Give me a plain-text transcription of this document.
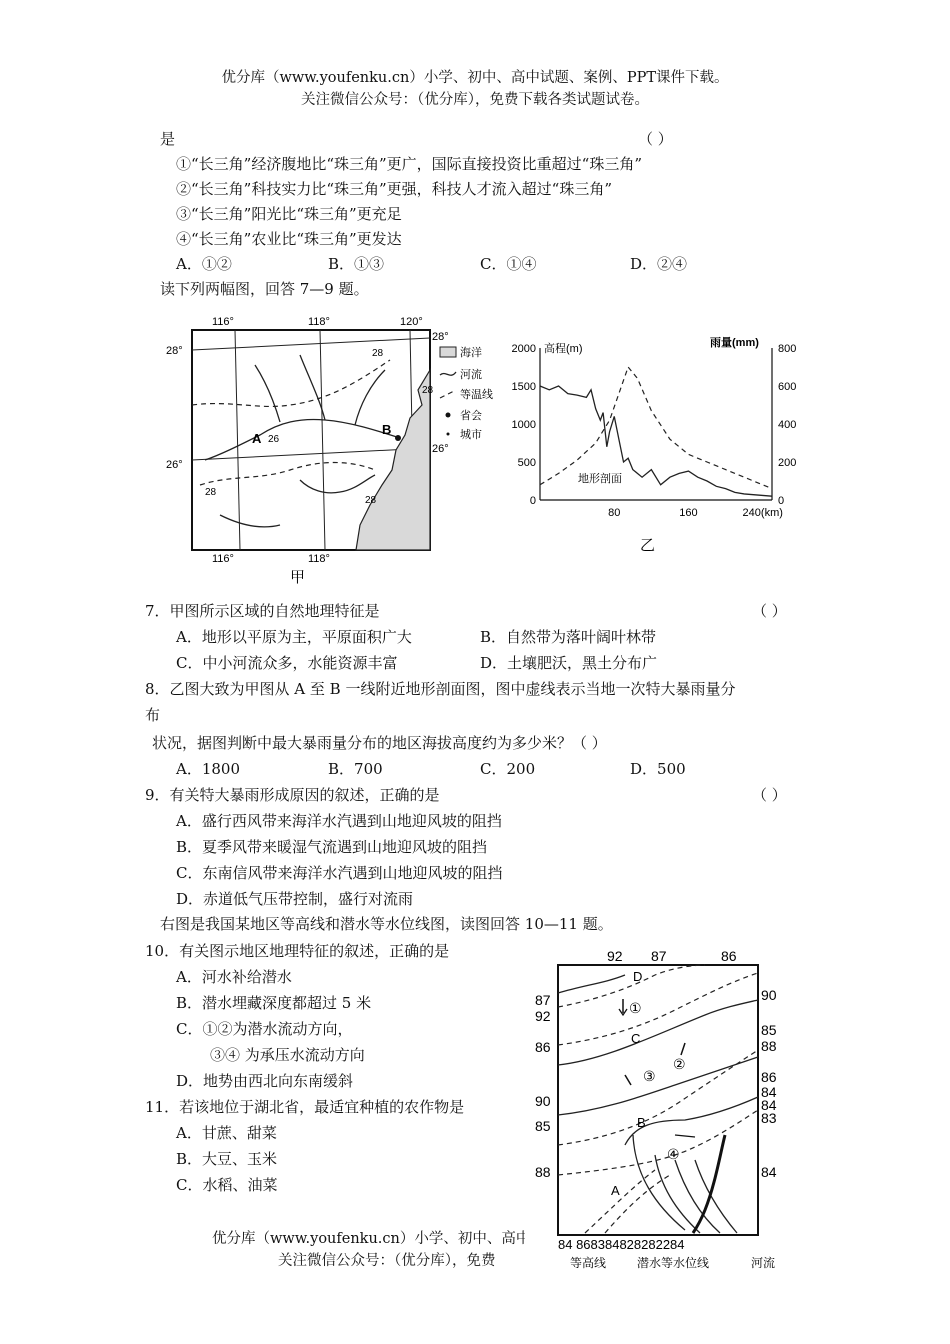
优分库（www.youfenku.cn）小学、初中、高中试题、案例、PPT课件下载。
关注微信公众号：（优分库），免费下载各类试题试卷。
是	（ ）
①“长三角”经济腹地比“珠三角”更广，国际直接投资比重超过“珠三角”
②“长三角”科技实力比“珠三角”更强，科技人才流入超过“珠三角”
③“长三角”阳光比“珠三角”更充足
④“长三角”农业比“珠三角”更发达
A．①②	B．①③	C．①④	D．②④
读下列两幅图，回答 7—9 题。
116°	118°	120°
116°	118°
28°
28°
26°
26°
28
26
28
28
28
A
B
海洋
河流
等温线
省会
城市
甲
2000
1500
1000
500
0
800
600
400
200
0
80	160	240(km)
高程(m)	雨量(mm)
地形剖面
乙
7．甲图所示区域的自然地理特征是	（ ）
A．地形以平原为主，平原面积广大	B．自然带为落叶阔叶林带
C．中小河流众多，水能资源丰富	D．土壤肥沃，黑土分布广
8．乙图大致为甲图从 A 至 B 一线附近地形剖面图，图中虚线表示当地一次特大暴雨量分
布
状况，据图判断中最大暴雨量分布的地区海拔高度约为多少米？（ ）
A．1800	B．700	C．200	D．500
9．有关特大暴雨形成原因的叙述，正确的是	（ ）
A．盛行西风带来海洋水汽遇到山地迎风坡的阻挡
B．夏季风带来暖湿气流遇到山地迎风坡的阻挡
C．东南信风带来海洋水汽遇到山地迎风坡的阻挡
D．赤道低气压带控制，盛行对流雨
右图是我国某地区等高线和潜水等水位线图，读图回答 10—11 题。
10．有关图示地区地理特征的叙述，正确的是
A．河水补给潜水
B．潜水埋藏深度都超过 5 米
C．①②为潜水流动方向，
③④ 为承压水流动方向
D．地势由西北向东南缓斜
11．若该地位于湖北省，最适宜种植的农作物是
A．甘蔗、甜菜
B．大豆、玉米
C．水稻、油菜
优分库（www.youfenku.cn）小学、初中、高中
关注微信公众号：（优分库），免费
92 87	86
87
92
86
90
85
88
90
85
88
86
84
84
83
84
84 868384828282284
D
C
B
A
①
②
③
④
等高线	潜水等水位线	河流
